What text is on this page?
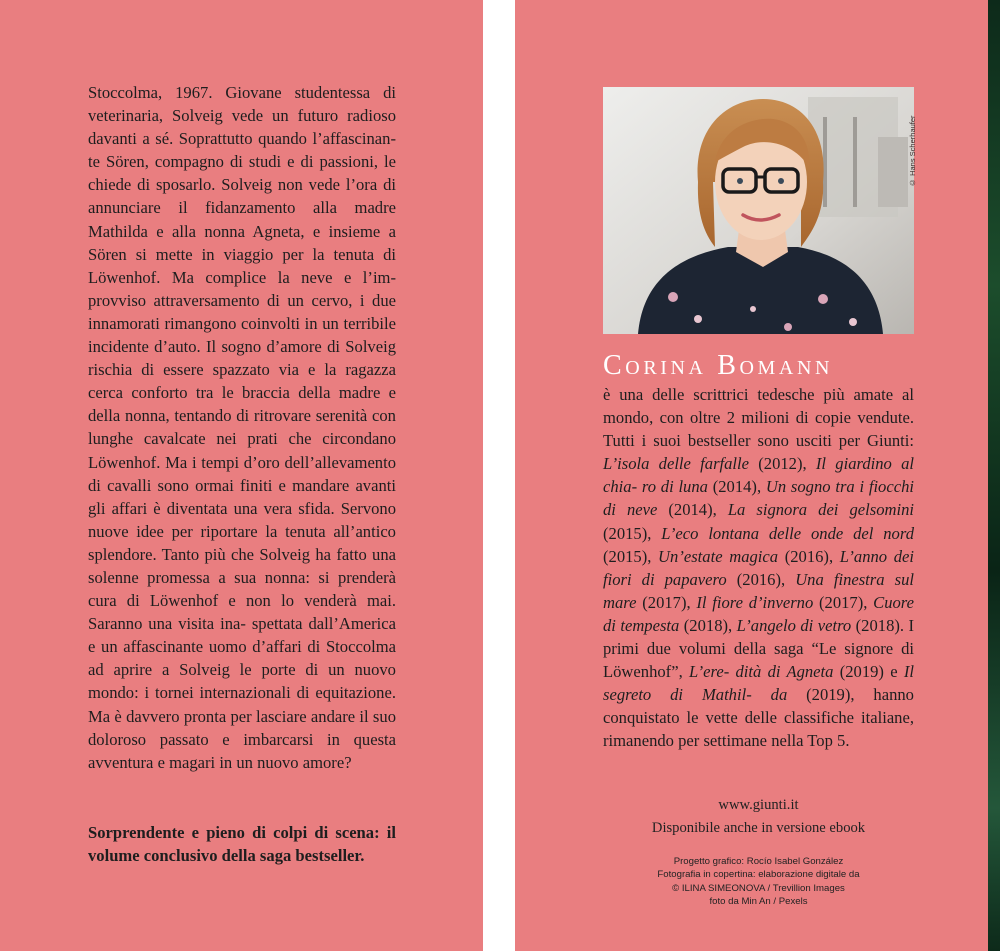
Stoccolma, 1967. Giovane studentessa di veterinaria, Solveig vede un futuro radioso davanti a sé. Soprattutto quando l’affascinan- te Sören, compagno di studi e di passioni, le chiede di sposarlo. Solveig non vede l’ora di annunciare il fidanzamento alla madre Mathilda e alla nonna Agneta, e insieme a Sören si mette in viaggio per la tenuta di Löwenhof. Ma complice la neve e l’im- provviso attraversamento di un cervo, i due innamorati rimangono coinvolti in un terribile incidente d’auto. Il sogno d’amore di Solveig rischia di essere spazzato via e la ragazza cerca conforto tra le braccia della madre e della nonna, tentando di ritrovare serenità con lunghe cavalcate nei prati che circondano Löwenhof. Ma i tempi d’oro dell’allevamento di cavalli sono ormai finiti e mandare avanti gli affari è diventata una vera sfida. Servono nuove idee per riportare la tenuta all’antico splendore. Tanto più che Solveig ha fatto una solenne promessa a sua nonna: si prenderà cura di Löwenhof e non lo venderà mai. Saranno una visita ina- spettata dall’America e un affascinante uomo d’affari di Stoccolma ad aprire a Solveig le porte di un nuovo mondo: i tornei internazionali di equitazione. Ma è davvero pronta per lasciare andare il suo doloroso passato e imbarcarsi in questa avventura e magari in un nuovo amore?

Sorprendente e pieno di colpi di scena: il volume conclusivo della saga bestseller.

© Hans Scherhaufer
Corina Bomann

è una delle scrittrici tedesche più amate al mondo, con oltre 2 milioni di copie vendute. Tutti i suoi bestseller sono usciti per Giunti: L’isola delle farfalle (2012), Il giardino al chia- ro di luna (2014), Un sogno tra i fiocchi di neve (2014), La signora dei gelsomini (2015), L’eco lontana delle onde del nord (2015), Un’estate magica (2016), L’anno dei fiori di papavero (2016), Una finestra sul mare (2017), Il fiore d’inverno (2017), Cuore di tempesta (2018), L’angelo di vetro (2018). I primi due volumi della saga “Le signore di Löwenhof”, L’ere- dità di Agneta (2019) e Il segreto di Mathil- da (2019), hanno conquistato le vette delle classifiche italiane, rimanendo per settimane nella Top 5.

www.giunti.it

Disponibile anche in versione ebook

Progetto grafico: Rocío Isabel González
Fotografia in copertina: elaborazione digitale da
© ILINA SIMEONOVA / Trevillion Images
foto da Min An / Pexels
